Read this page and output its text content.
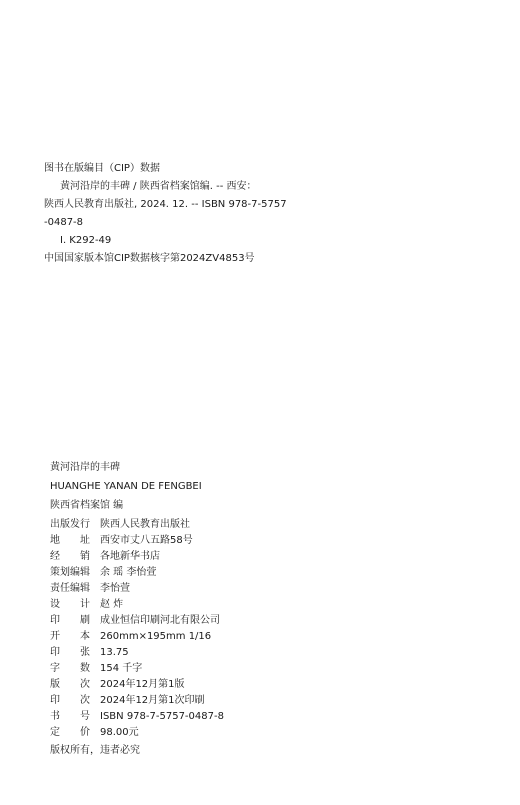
图书在版编目（CIP）数据
黄河沿岸的丰碑 / 陕西省档案馆编. -- 西安：
陕西人民教育出版社, 2024. 12. -- ISBN 978-7-5757
-0487-8
Ⅰ. K292-49
中国国家版本馆CIP数据核字第2024ZV4853号
黄河沿岸的丰碑
HUANGHE YANAN DE FENGBEI
陕西省档案馆 编
出版发行 陕西人民教育出版社
地址 西安市丈八五路58号
经销 各地新华书店
策划编辑 余 瑶 李怡萱
责任编辑 李怡萱
设计 赵 炸
印刷 成业恒信印刷河北有限公司
开本 260mm×195mm 1/16
印张 13.75
字数 154 千字
版次 2024年12月第1版
印次 2024年12月第1次印刷
书号 ISBN 978-7-5757-0487-8
定价 98.00元
版权所有，违者必究
